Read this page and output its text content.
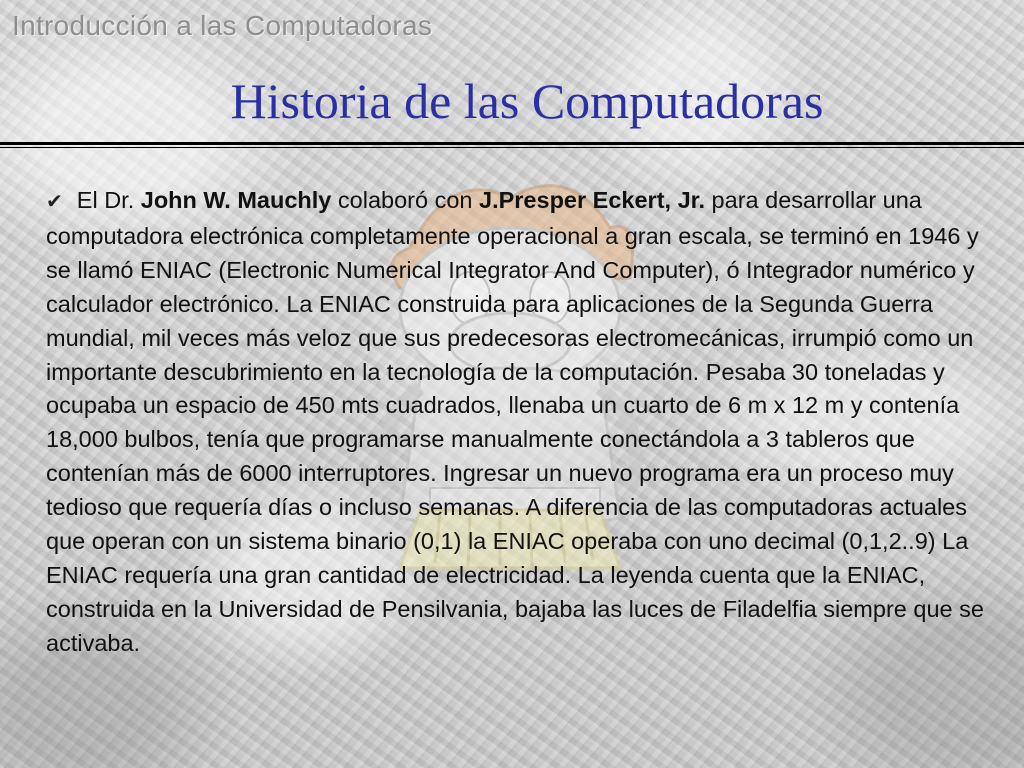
Introducción a las Computadoras
Historia de las Computadoras
✔ El Dr. John W. Mauchly colaboró con J.Presper Eckert, Jr. para desarrollar una computadora electrónica completamente operacional a gran escala, se terminó en 1946 y se llamó ENIAC (Electronic Numerical Integrator And Computer), ó Integrador numérico y calculador electrónico. La ENIAC construida para aplicaciones de la Segunda Guerra mundial, mil veces más veloz que sus predecesoras electromecánicas, irrumpió como un importante descubrimiento en la tecnología de la computación. Pesaba 30 toneladas y ocupaba un espacio de 450 mts cuadrados, llenaba un cuarto de 6 m x 12 m y contenía 18,000 bulbos, tenía que programarse manualmente conectándola a 3 tableros que contenían más de 6000 interruptores. Ingresar un nuevo programa era un proceso muy tedioso que requería días o incluso semanas. A diferencia de las computadoras actuales que operan con un sistema binario (0,1) la ENIAC operaba con uno decimal (0,1,2..9) La ENIAC requería una gran cantidad de electricidad. La leyenda cuenta que la ENIAC, construida en la Universidad de Pensilvania, bajaba las luces de Filadelfia siempre que se activaba.
